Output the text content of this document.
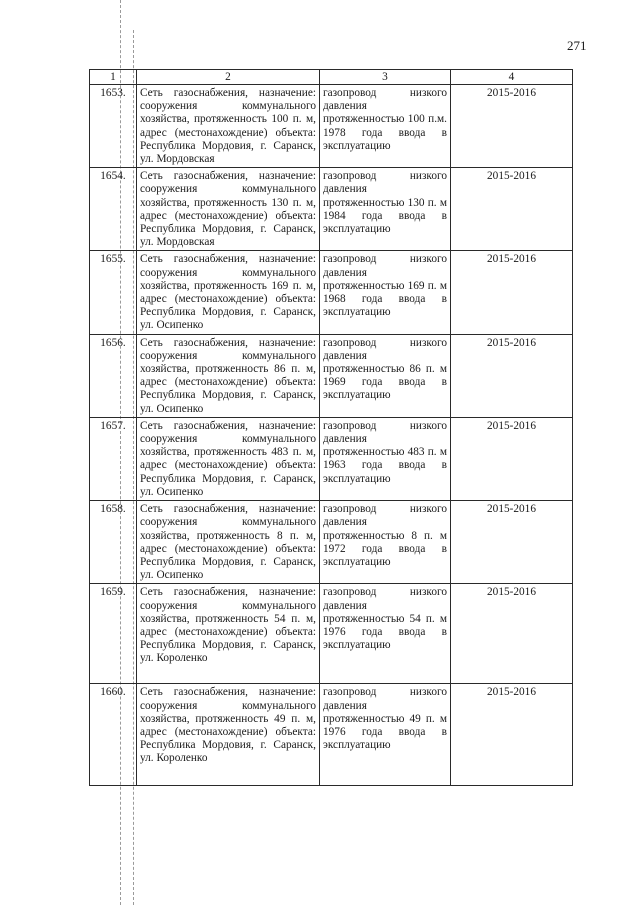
271
1	2	3	4
1653.	Сеть газоснабжения, назначение: сооружения коммунального хозяйства, протяженность 100 п. м, адрес (местонахождение) объекта: Республика Мордовия, г. Саранск, ул. Мордовская	газопровод низкого давления протяженностью 100 п.м. 1978 года ввода в эксплуатацию	2015-2016
1654.	Сеть газоснабжения, назначение: сооружения коммунального хозяйства, протяженность 130 п. м, адрес (местонахождение) объекта: Республика Мордовия, г. Саранск, ул. Мордовская	газопровод низкого давления протяженностью 130 п. м 1984 года ввода в эксплуатацию	2015-2016
1655.	Сеть газоснабжения, назначение: сооружения коммунального хозяйства, протяженность 169 п. м, адрес (местонахождение) объекта: Республика Мордовия, г. Саранск, ул. Осипенко	газопровод низкого давления протяженностью 169 п. м 1968 года ввода в эксплуатацию	2015-2016
1656.	Сеть газоснабжения, назначение: сооружения коммунального хозяйства, протяженность 86 п. м, адрес (местонахождение) объекта: Республика Мордовия, г. Саранск, ул. Осипенко	газопровод низкого давления протяженностью 86 п. м 1969 года ввода в эксплуатацию	2015-2016
1657.	Сеть газоснабжения, назначение: сооружения коммунального хозяйства, протяженность 483 п. м, адрес (местонахождение) объекта: Республика Мордовия, г. Саранск, ул. Осипенко	газопровод низкого давления протяженностью 483 п. м 1963 года ввода в эксплуатацию	2015-2016
1658.	Сеть газоснабжения, назначение: сооружения коммунального хозяйства, протяженность 8 п. м, адрес (местонахождение) объекта: Республика Мордовия, г. Саранск, ул. Осипенко	газопровод низкого давления протяженностью 8 п. м 1972 года ввода в эксплуатацию	2015-2016
1659.	Сеть газоснабжения, назначение: сооружения коммунального хозяйства, протяженность 54 п. м, адрес (местонахождение) объекта: Республика Мордовия, г. Саранск, ул. Короленко	газопровод низкого давления протяженностью 54 п. м 1976 года ввода в эксплуатацию	2015-2016
1660.	Сеть газоснабжения, назначение: сооружения коммунального хозяйства, протяженность 49 п. м, адрес (местонахождение) объекта: Республика Мордовия, г. Саранск, ул. Короленко	газопровод низкого давления протяженностью 49 п. м 1976 года ввода в эксплуатацию	2015-2016
